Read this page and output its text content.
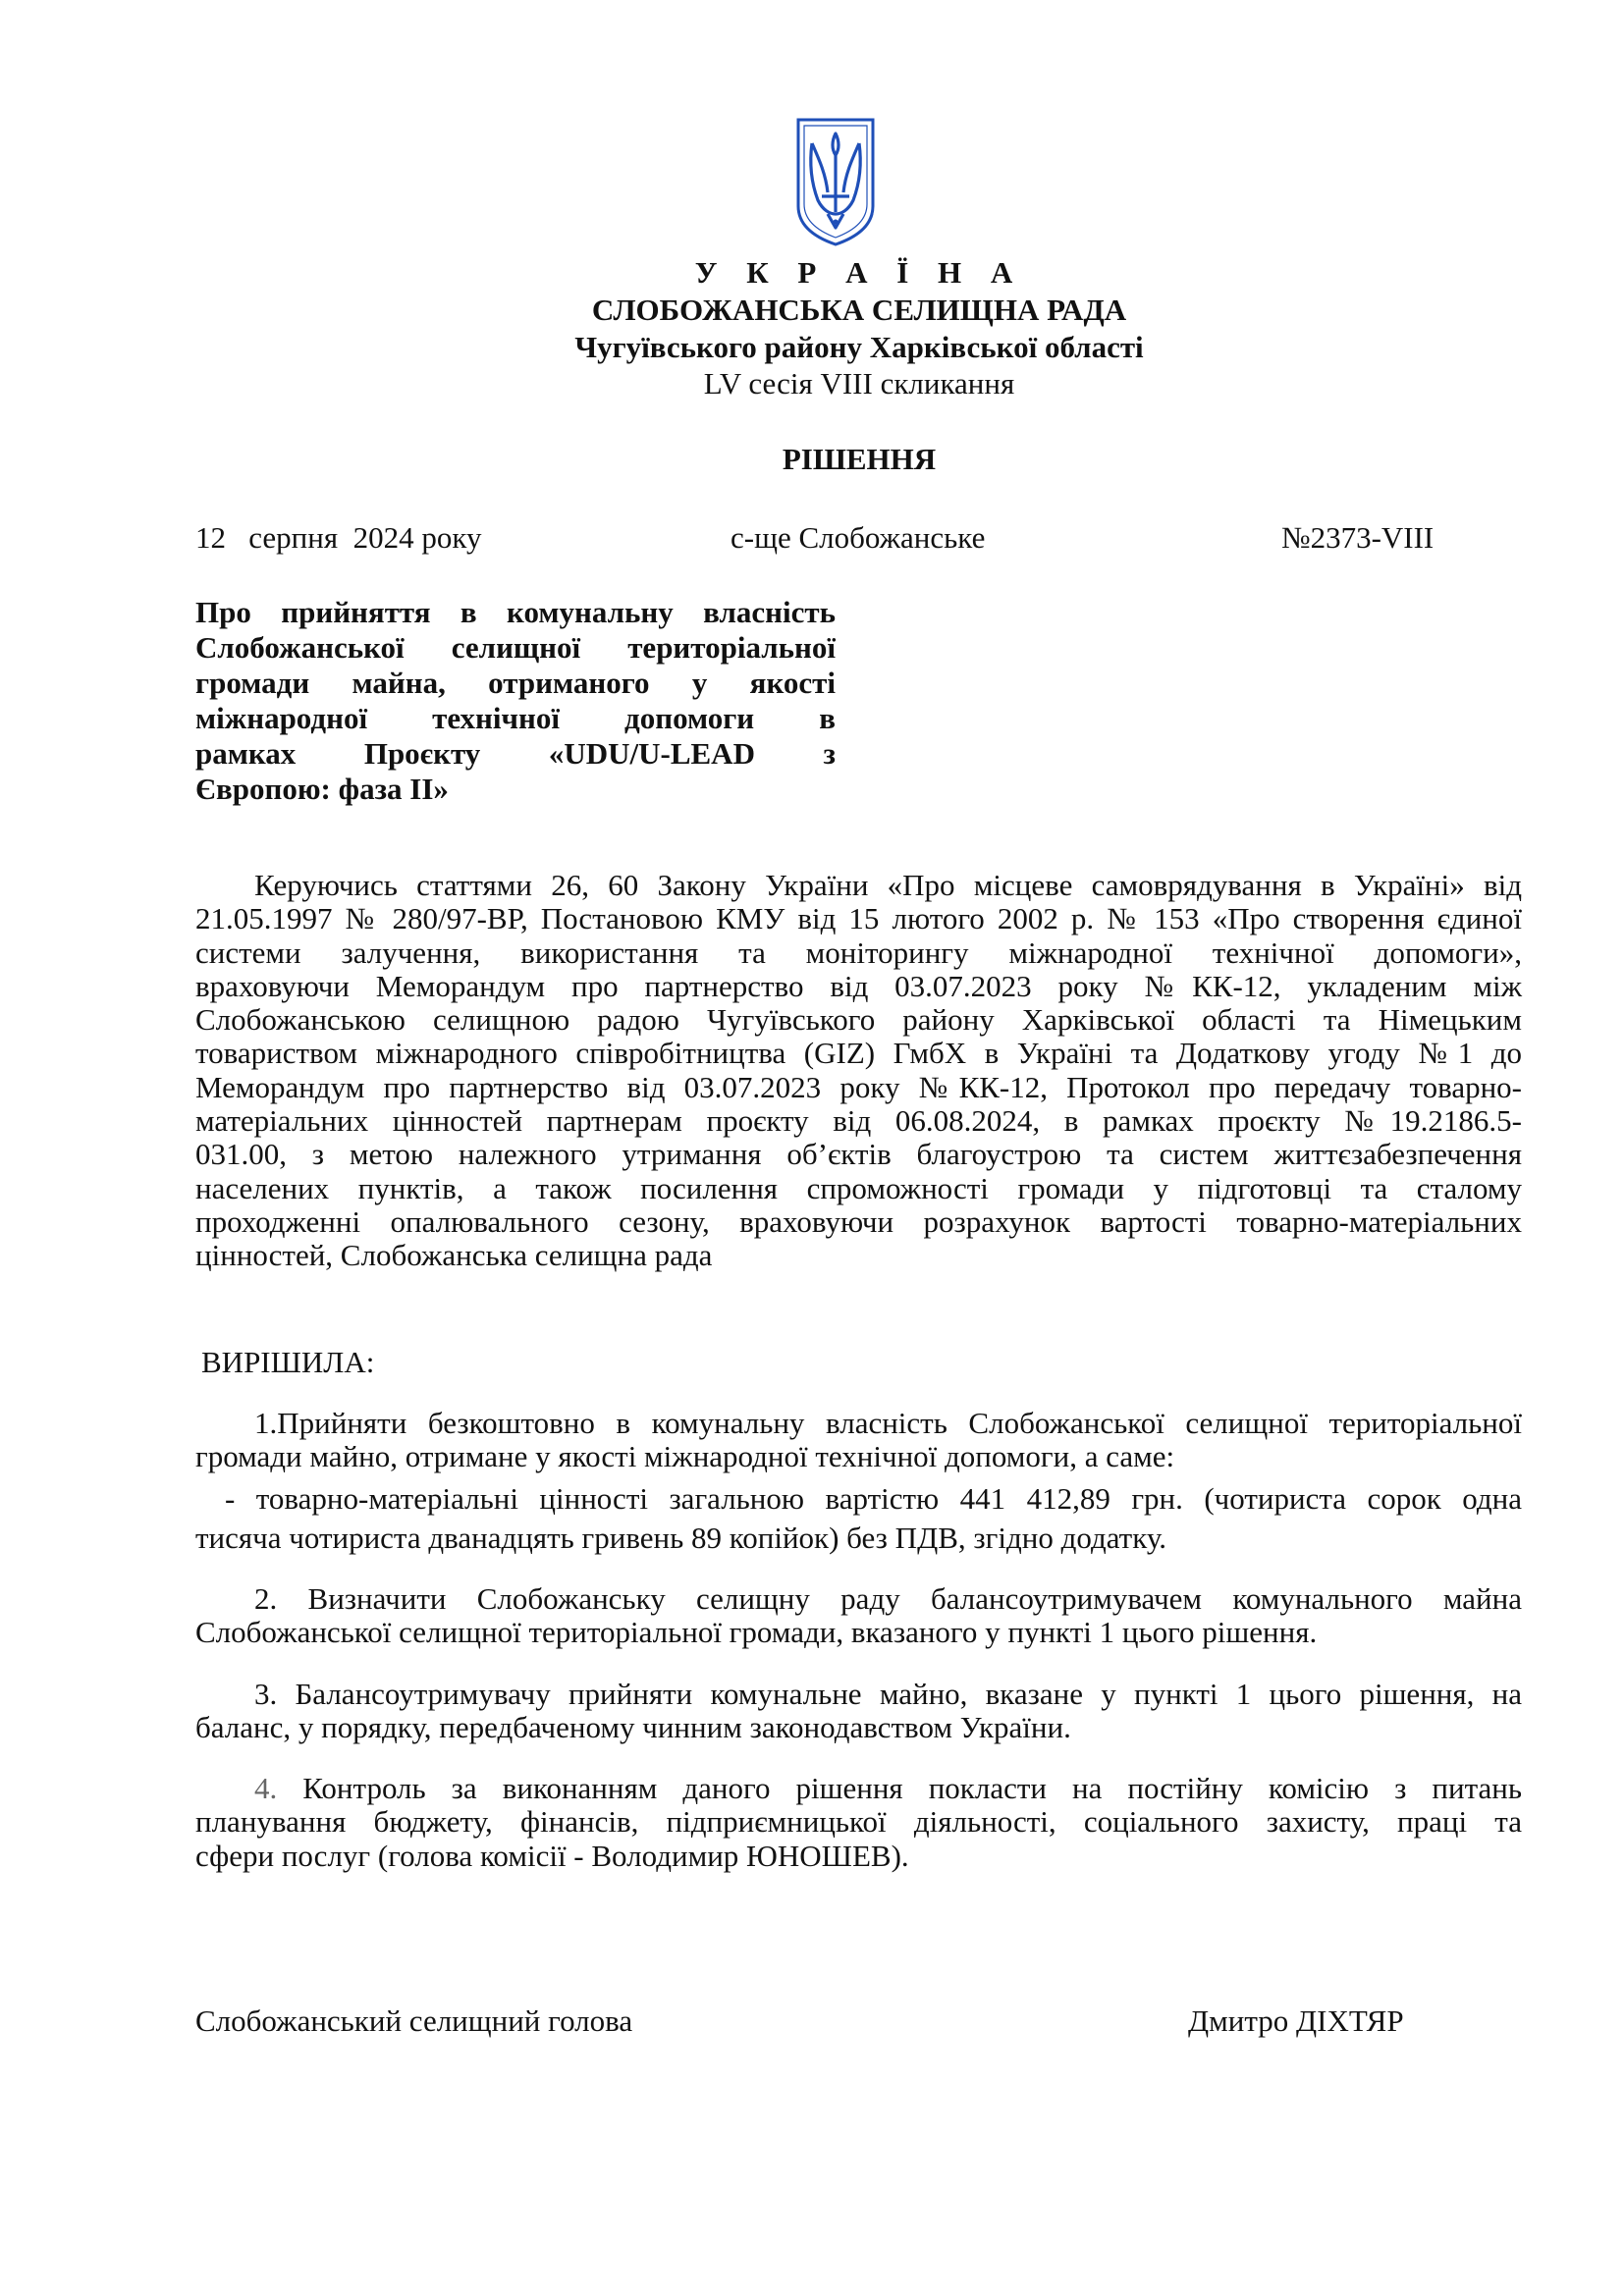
У К Р А Ї Н А
СЛОБОЖАНСЬКА СЕЛИЩНА РАДА
Чугуївського району Харківської області
LV сесія VIII скликання
РІШЕННЯ
12   серпня  2024 року	с-ще Слобожанське	№2373-VIII
Про прийняття в комунальну власність
Слобожанської селищної територіальної
громади майна, отриманого у якості
міжнародної технічної допомоги в
рамках Проєкту «UDU/U-LEAD з
Європою: фаза ІІ»
Керуючись статтями 26, 60 Закону України «Про місцеве самоврядування в Україні» від
21.05.1997 № 280/97-ВР, Постановою КМУ від 15 лютого 2002 р. № 153 «Про створення єдиної
системи залучення, використання та моніторингу міжнародної технічної допомоги»,
враховуючи Меморандум про партнерство від 03.07.2023 року №КК-12, укладеним між
Слобожанською селищною радою Чугуївського району Харківської області та Німецьким
товариством міжнародного співробітництва (GIZ) ГмбХ в Україні та Додаткову угоду №1 до
Меморандум про партнерство від 03.07.2023 року №КК-12, Протокол про передачу товарно-
матеріальних цінностей партнерам проєкту від 06.08.2024, в рамках проєкту №19.2186.5-
031.00, з метою належного утримання об’єктів благоустрою та систем життєзабезпечення
населених пунктів, а також посилення спроможності громади у підготовці та сталому
проходженні опалювального сезону, враховуючи розрахунок вартості товарно-матеріальних
цінностей, Слобожанська селищна рада
ВИРІШИЛА:
1.Прийняти безкоштовно в комунальну власність Слобожанської селищної територіальної
громади майно, отримане у якості міжнародної технічної допомоги, а саме:
- товарно-матеріальні цінності загальною вартістю 441 412,89 грн. (чотириста сорок одна
тисяча чотириста дванадцять гривень 89 копійок) без ПДВ, згідно додатку.
2. Визначити Слобожанську селищну раду балансоутримувачем комунального майна
Слобожанської селищної територіальної громади, вказаного у пункті 1 цього рішення.
3. Балансоутримувачу прийняти комунальне майно, вказане у пункті 1 цього рішення, на
баланс, у порядку, передбаченому чинним законодавством України.
4. Контроль за виконанням даного рішення покласти на постійну комісію з питань
планування бюджету, фінансів, підприємницької діяльності, соціального захисту, праці та
сфери послуг (голова комісії - Володимир ЮНОШЕВ).
Слобожанський селищний голова	Дмитро ДІХТЯР
